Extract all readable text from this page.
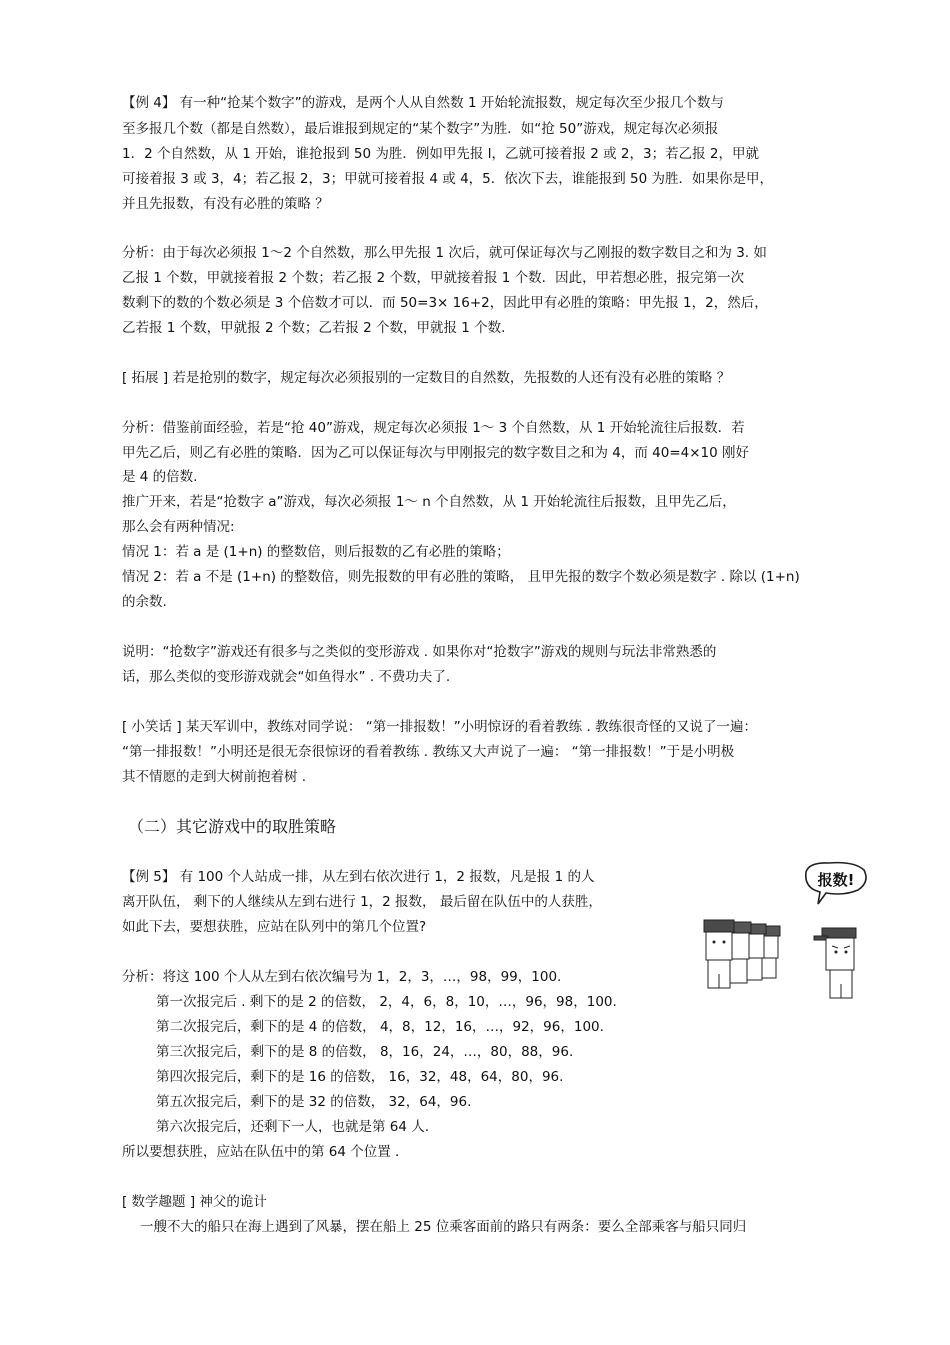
【例 4】 有一种“抢某个数字”的游戏，是两个人从自然数 1 开始轮流报数，规定每次至少报几个数与
至多报几个数（都是自然数），最后谁报到规定的“某个数字”为胜．如“抢 50”游戏，规定每次必须报
1．2 个自然数，从 1 开始，谁抢报到 50 为胜．例如甲先报 l，乙就可接着报 2 或 2，3；若乙报 2，甲就
可接着报 3 或 3，4；若乙报 2，3；甲就可接着报 4 或 4，5．依次下去，谁能报到 50 为胜．如果你是甲，
并且先报数，有没有必胜的策略 ？
分析：由于每次必须报 1～2 个自然数，那么甲先报 1 次后，就可保证每次与乙刚报的数字数目之和为 3. 如
乙报 1 个数，甲就接着报 2 个数；若乙报 2 个数，甲就接着报 1 个数．因此，甲若想必胜，报完第一次
数剩下的数的个数必须是 3 个倍数才可以．而 50=3× 16+2，因此甲有必胜的策略：甲先报 1，2，然后，
乙若报 1 个数，甲就报 2 个数；乙若报 2 个数，甲就报 1 个数.
[ 拓展 ] 若是抢别的数字，规定每次必须报别的一定数目的自然数，先报数的人还有没有必胜的策略 ？
分析：借鉴前面经验，若是“抢 40”游戏，规定每次必须报 1～ 3 个自然数，从 1 开始轮流往后报数．若
甲先乙后，则乙有必胜的策略．因为乙可以保证每次与甲刚报完的数字数目之和为 4，而 40=4×10 刚好
是 4 的倍数.
推广开来，若是“抢数字 a”游戏，每次必须报 1～ n 个自然数，从 1 开始轮流往后报数，且甲先乙后，
那么会有两种情况:
情况 1：若 a 是 (1+n) 的整数倍，则后报数的乙有必胜的策略；
情况 2：若 a 不是 (1+n) 的整数倍，则先报数的甲有必胜的策略， 且甲先报的数字个数必须是数字 . 除以 (1+n)
的余数.
说明：“抢数字”游戏还有很多与之类似的变形游戏 . 如果你对“抢数字”游戏的规则与玩法非常熟悉的
话，那么类似的变形游戏就会“如鱼得水” . 不费功夫了.
[ 小笑话 ] 某天军训中，教练对同学说： “第一排报数！”小明惊讶的看着教练 . 教练很奇怪的又说了一遍：
“第一排报数！”小明还是很无奈很惊讶的看着教练 . 教练又大声说了一遍： “第一排报数！”于是小明极
其不情愿的走到大树前抱着树 .
（二）其它游戏中的取胜策略
【例 5】 有 100 个人站成一排，从左到右依次进行 1，2 报数，凡是报 1 的人
离开队伍， 剩下的人继续从左到右进行 1，2 报数， 最后留在队伍中的人获胜，
如此下去，要想获胜，应站在队列中的第几个位置?
分析：将这 100 个人从左到右依次编号为 1，2，3，…，98，99，100.
第一次报完后 . 剩下的是 2 的倍数， 2，4，6，8，10，…，96，98，100.
第二次报完后，剩下的是 4 的倍数， 4，8，12，16，…，92，96，100.
第三次报完后，剩下的是 8 的倍数， 8，16，24，…，80，88，96.
第四次报完后，剩下的是 16 的倍数， 16，32，48，64，80，96.
第五次报完后，剩下的是 32 的倍数， 32，64，96.
第六次报完后，还剩下一人，也就是第 64 人.
所以要想获胜，应站在队伍中的第 64 个位置 .
[ 数学趣题 ] 神父的诡计
一艘不大的船只在海上遇到了风暴，摆在船上 25 位乘客面前的路只有两条：要么全部乘客与船只同归
报数!
